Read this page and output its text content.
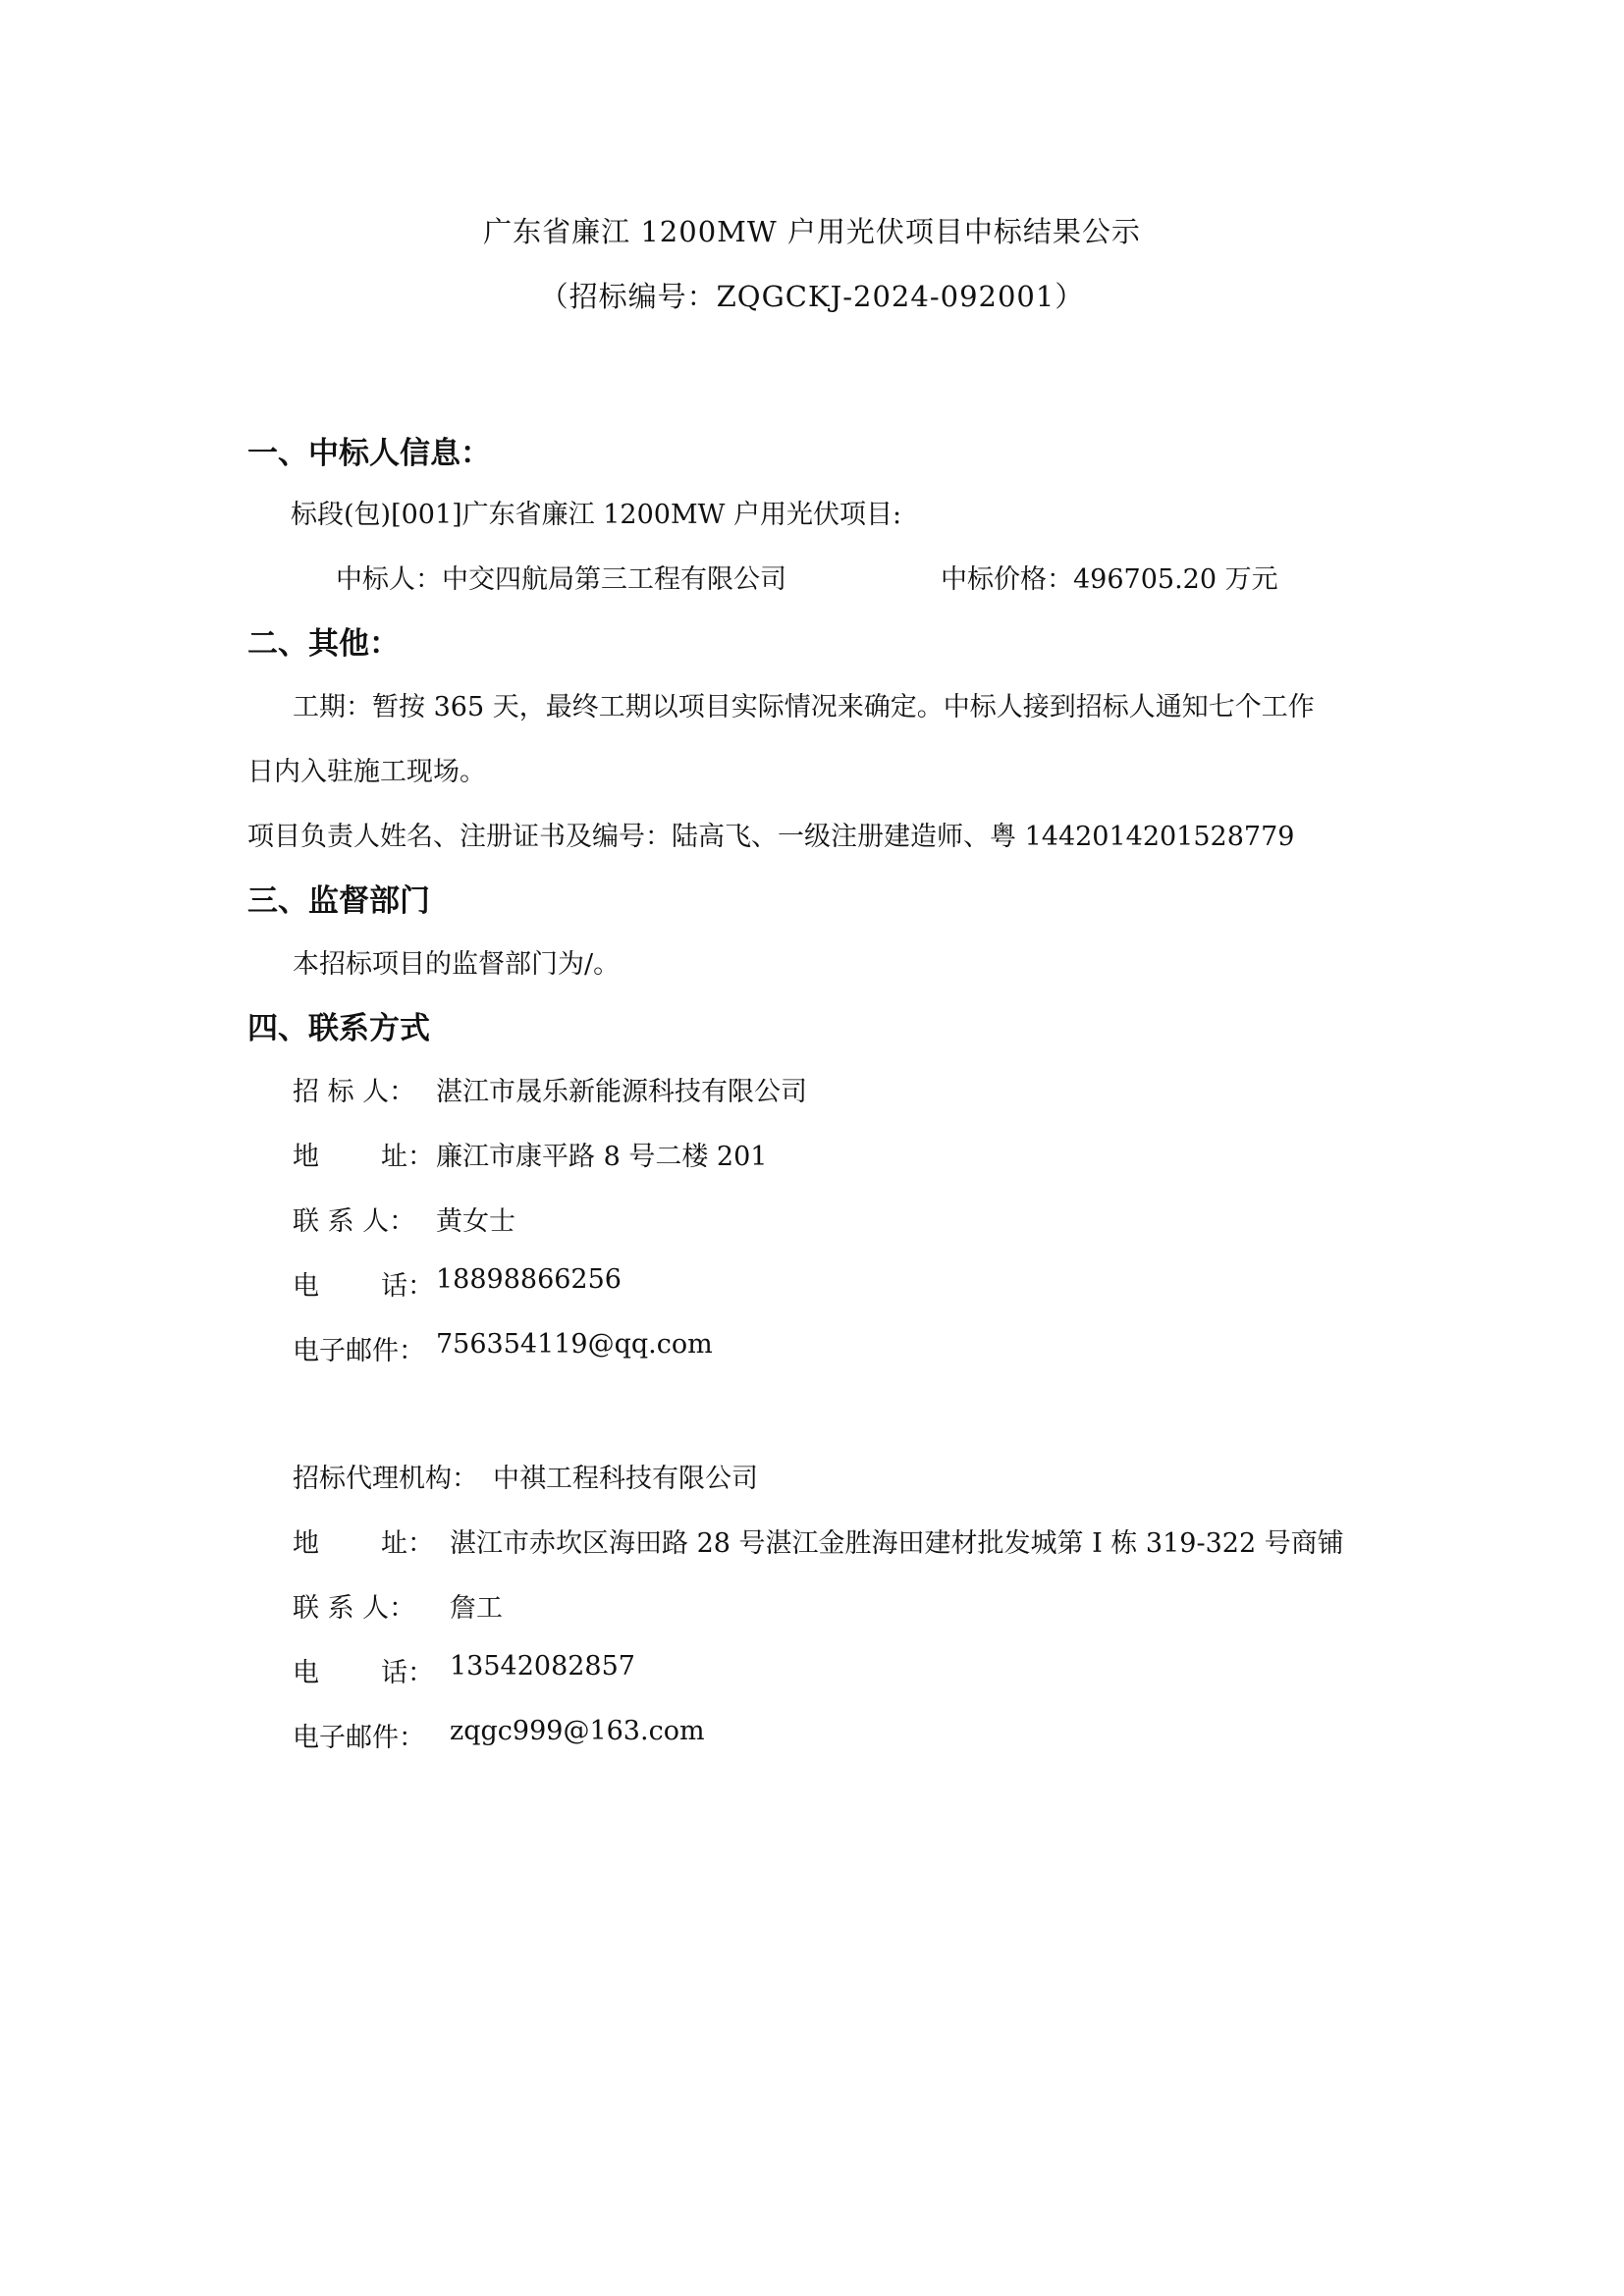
广东省廉江 1200MW 户用光伏项目中标结果公示
（招标编号：ZQGCKJ-2024-092001）
一、中标人信息：
标段(包)[001]广东省廉江 1200MW 户用光伏项目:
中标人：中交四航局第三工程有限公司	中标价格：496705.20 万元
二、其他：
工期：暂按 365 天，最终工期以项目实际情况来确定。中标人接到招标人通知七个工作
日内入驻施工现场。
项目负责人姓名、注册证书及编号：陆高飞、一级注册建造师、粤 1442014201528779
三、监督部门
本招标项目的监督部门为/。
四、联系方式
招 标 人： 湛江市晟乐新能源科技有限公司
地 址： 廉江市康平路 8 号二楼 201
联 系 人： 黄女士
电 话： 18898866256
电子邮件： 756354119@qq.com
招标代理机构： 中祺工程科技有限公司
地 址： 湛江市赤坎区海田路 28 号湛江金胜海田建材批发城第 I 栋 319-322 号商铺
联 系 人： 詹工
电 话： 13542082857
电子邮件： zqgc999@163.com
